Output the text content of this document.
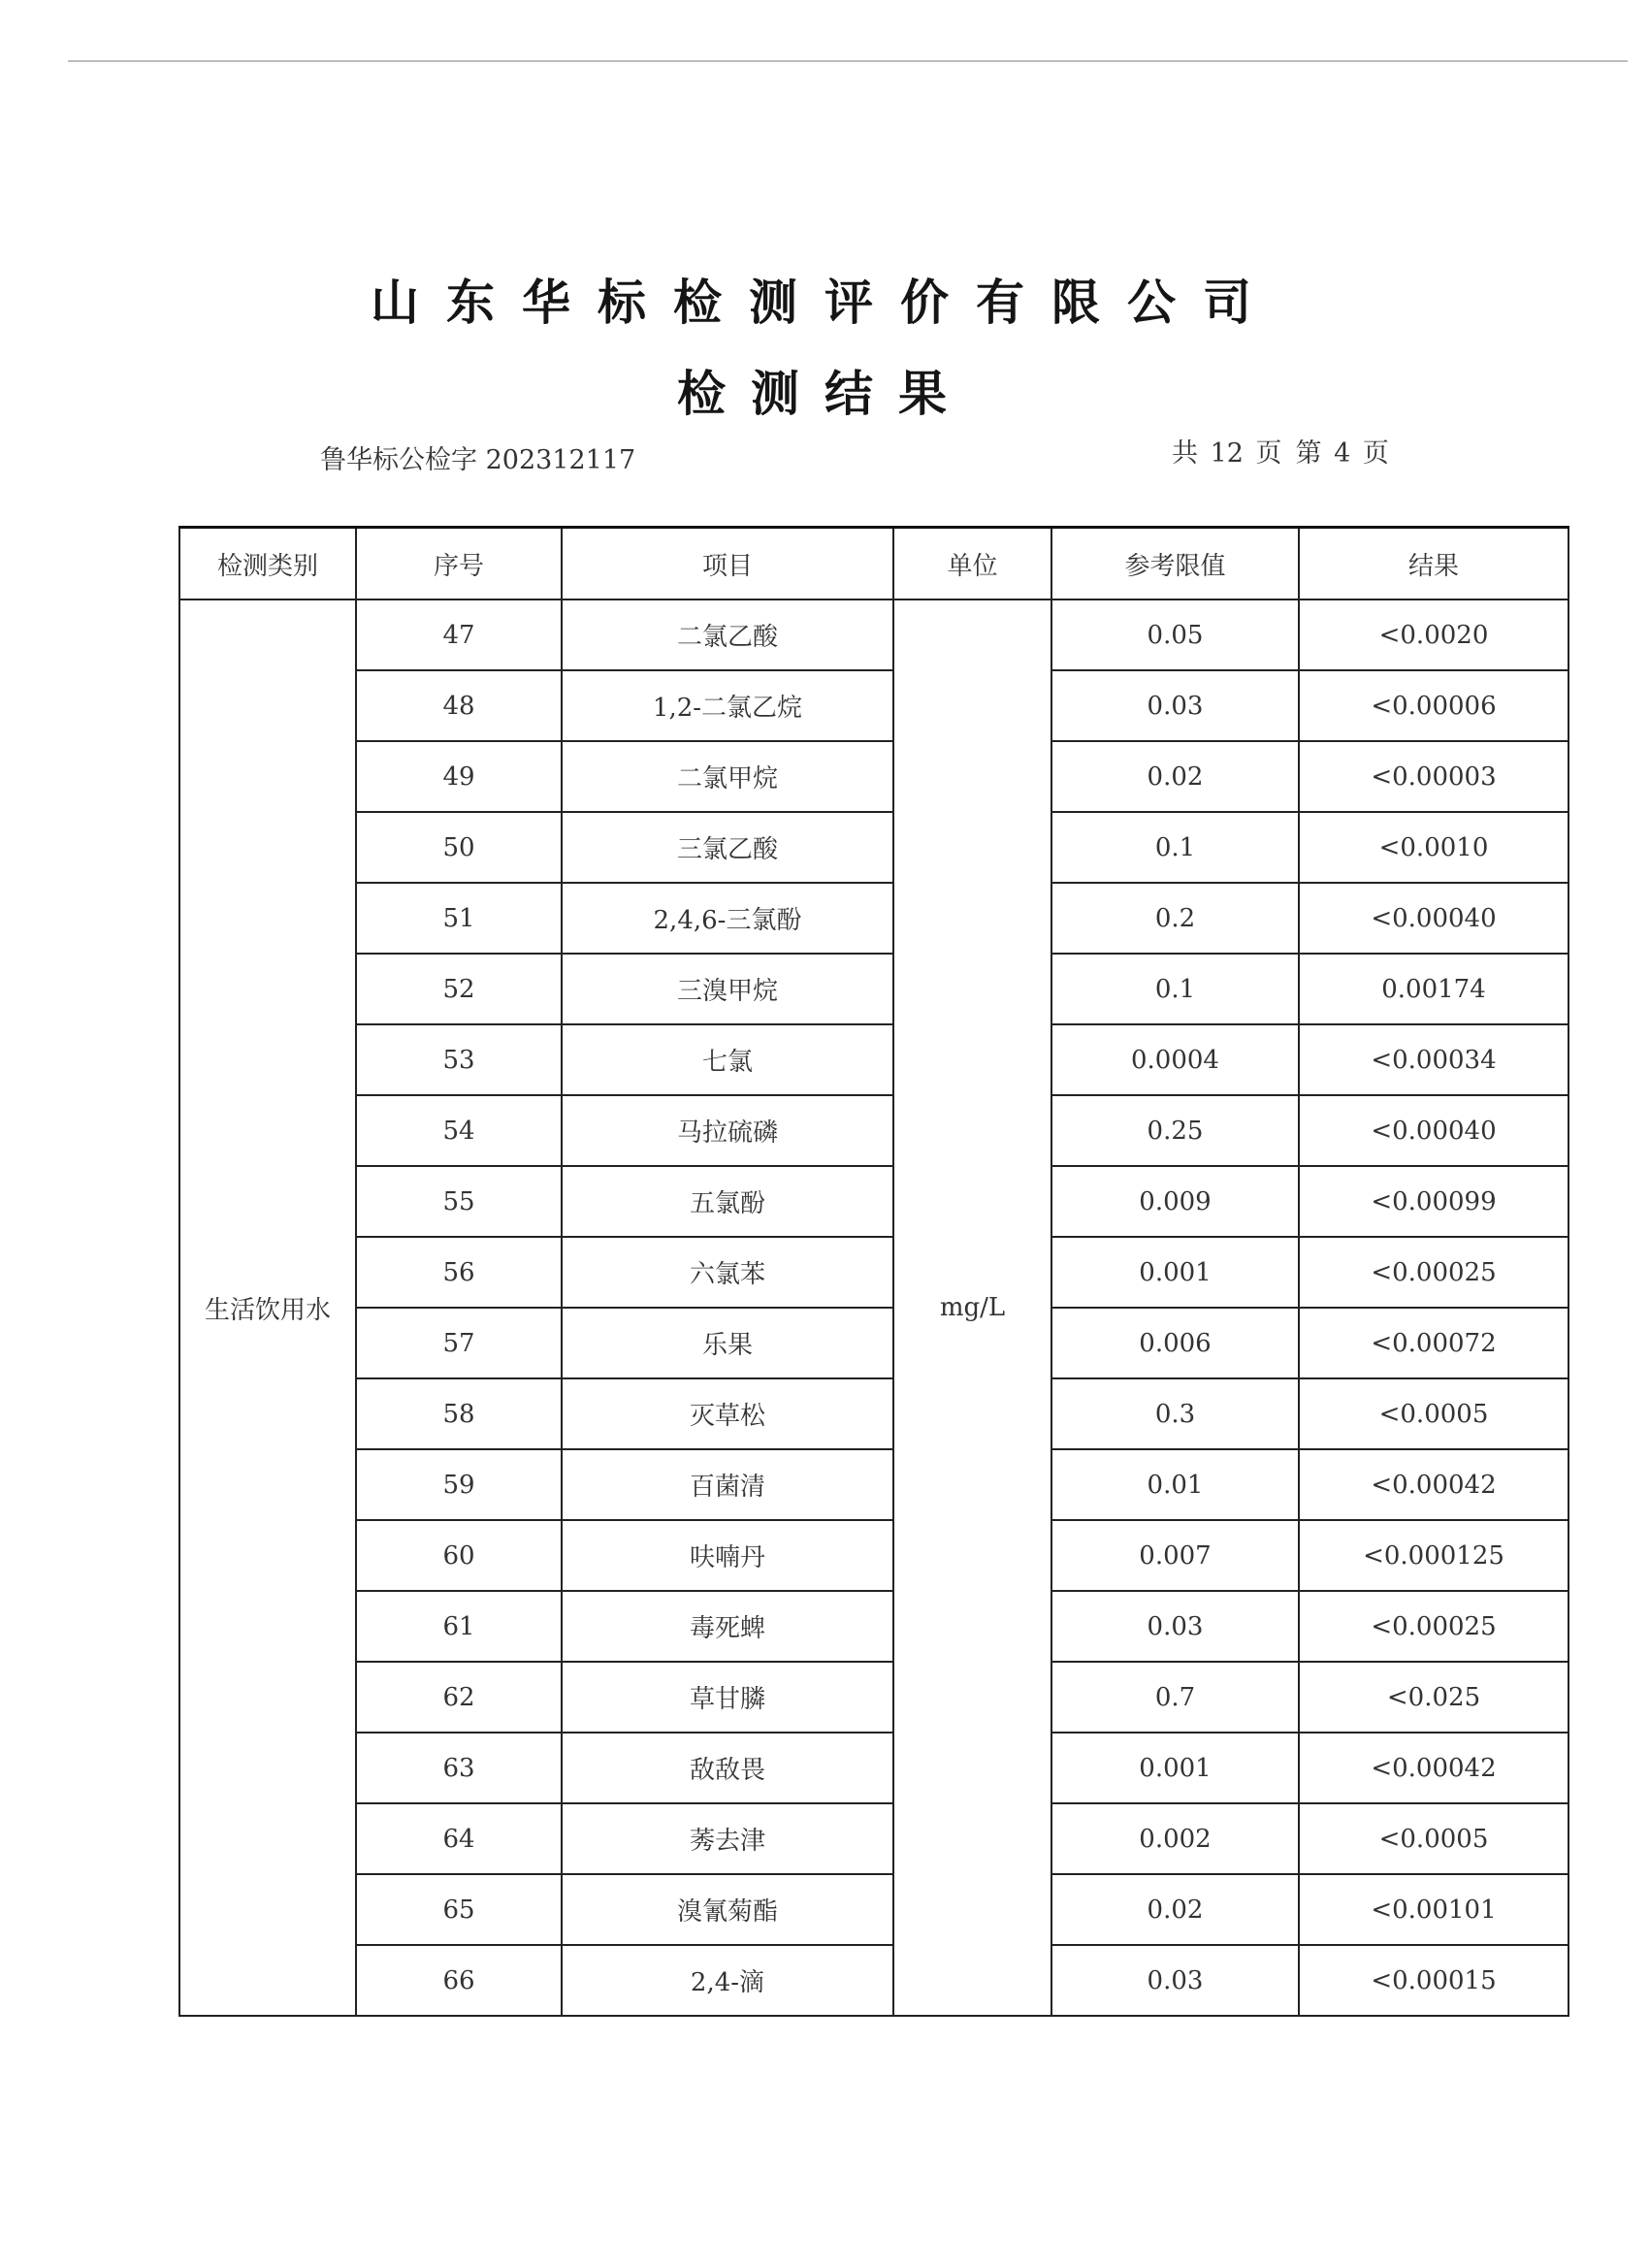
山东华标检测评价有限公司
检测结果
鲁华标公检字 202312117	共 12 页 第 4 页
检测类别	序号	项目	单位	参考限值	结果
生活饮用水	47	二氯乙酸	mg/L	0.05	<0.0020
	48	1,2-二氯乙烷		0.03	<0.00006
	49	二氯甲烷		0.02	<0.00003
	50	三氯乙酸		0.1	<0.0010
	51	2,4,6-三氯酚		0.2	<0.00040
	52	三溴甲烷		0.1	0.00174
	53	七氯		0.0004	<0.00034
	54	马拉硫磷		0.25	<0.00040
	55	五氯酚		0.009	<0.00099
	56	六氯苯		0.001	<0.00025
	57	乐果		0.006	<0.00072
	58	灭草松		0.3	<0.0005
	59	百菌清		0.01	<0.00042
	60	呋喃丹		0.007	<0.000125
	61	毒死蜱		0.03	<0.00025
	62	草甘膦		0.7	<0.025
	63	敌敌畏		0.001	<0.00042
	64	莠去津		0.002	<0.0005
	65	溴氰菊酯		0.02	<0.00101
	66	2,4-滴		0.03	<0.00015
